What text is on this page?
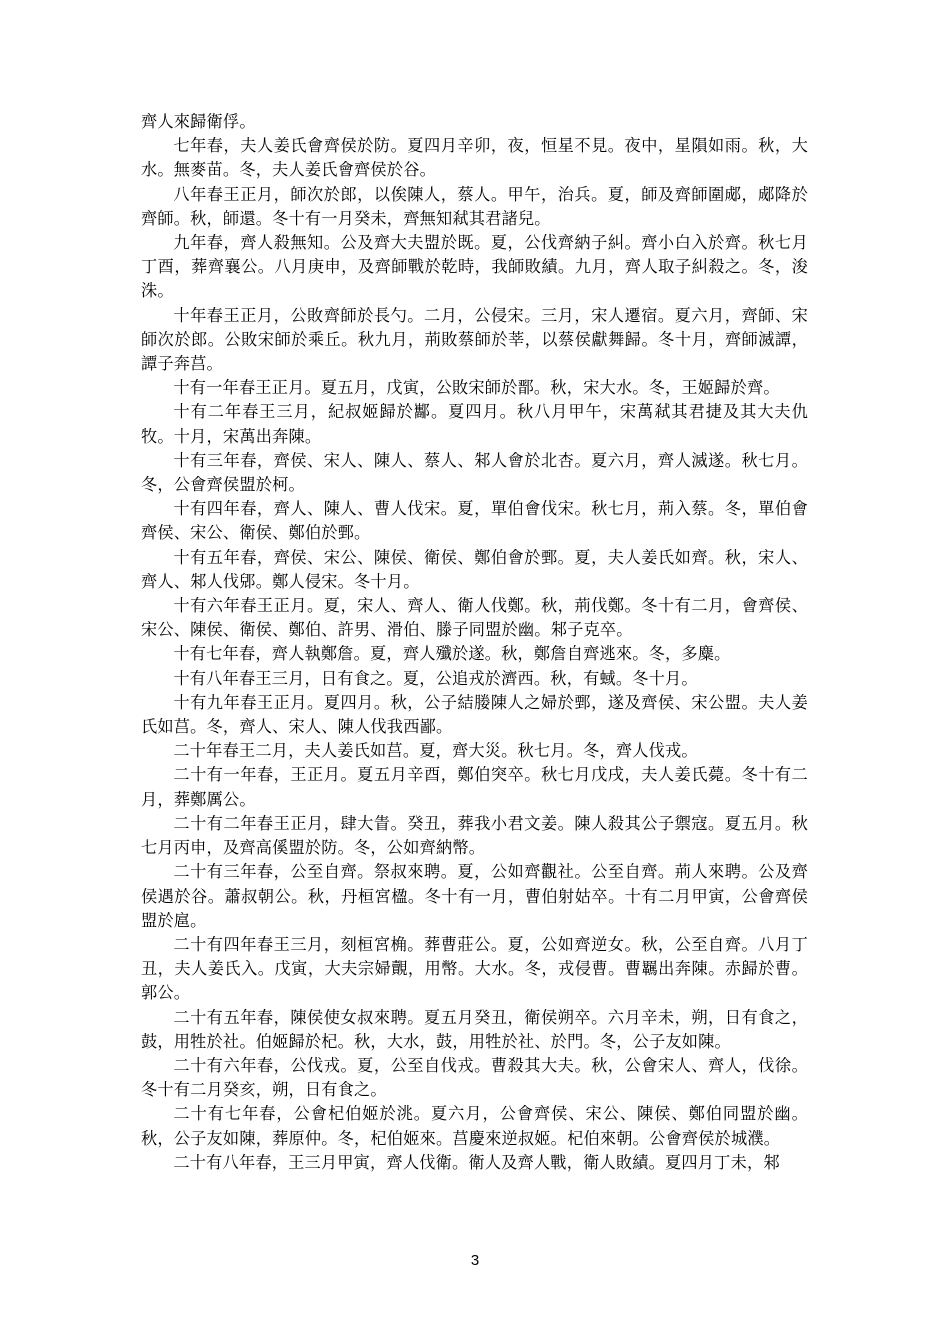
齊人來歸衛俘。

七年春，夫人姜氏會齊侯於防。夏四月辛卯，夜，恒星不見。夜中，星隕如雨。秋，大水。無麥苗。冬，夫人姜氏會齊侯於谷。

八年春王正月，師次於郎，以俟陳人，蔡人。甲午，治兵。夏，師及齊師圍郕，郕降於齊師。秋，師還。冬十有一月癸未，齊無知弒其君諸兒。

九年春，齊人殺無知。公及齊大夫盟於既。夏，公伐齊納子糾。齊小白入於齊。秋七月丁酉，葬齊襄公。八月庚申，及齊師戰於乾時，我師敗績。九月，齊人取子糾殺之。冬，浚洙。

十年春王正月，公敗齊師於長勺。二月，公侵宋。三月，宋人遷宿。夏六月，齊師、宋師次於郎。公敗宋師於乘丘。秋九月，荊敗蔡師於莘，以蔡侯獻舞歸。冬十月，齊師滅譚，譚子奔莒。

十有一年春王正月。夏五月，戊寅，公敗宋師於鄑。秋，宋大水。冬，王姬歸於齊。

十有二年春王三月，紀叔姬歸於酅。夏四月。秋八月甲午，宋萬弒其君捷及其大夫仇牧。十月，宋萬出奔陳。

十有三年春，齊侯、宋人、陳人、蔡人、邾人會於北杏。夏六月，齊人滅遂。秋七月。冬，公會齊侯盟於柯。

十有四年春，齊人、陳人、曹人伐宋。夏，單伯會伐宋。秋七月，荊入蔡。冬，單伯會齊侯、宋公、衛侯、鄭伯於鄄。

十有五年春，齊侯、宋公、陳侯、衛侯、鄭伯會於鄄。夏，夫人姜氏如齊。秋，宋人、齊人、邾人伐郳。鄭人侵宋。冬十月。

十有六年春王正月。夏，宋人、齊人、衛人伐鄭。秋，荊伐鄭。冬十有二月，會齊侯、宋公、陳侯、衛侯、鄭伯、許男、滑伯、滕子同盟於幽。邾子克卒。

十有七年春，齊人執鄭詹。夏，齊人殲於遂。秋，鄭詹自齊逃來。冬，多麋。

十有八年春王三月，日有食之。夏，公追戎於濟西。秋，有蜮。冬十月。

十有九年春王正月。夏四月。秋，公子結媵陳人之婦於鄄，遂及齊侯、宋公盟。夫人姜氏如莒。冬，齊人、宋人、陳人伐我西鄙。

二十年春王二月，夫人姜氏如莒。夏，齊大災。秋七月。冬，齊人伐戎。

二十有一年春，王正月。夏五月辛酉，鄭伯突卒。秋七月戊戌，夫人姜氏薨。冬十有二月，葬鄭厲公。

二十有二年春王正月，肆大眚。癸丑，葬我小君文姜。陳人殺其公子禦寇。夏五月。秋七月丙申，及齊高傒盟於防。冬，公如齊納幣。

二十有三年春，公至自齊。祭叔來聘。夏，公如齊觀社。公至自齊。荊人來聘。公及齊侯遇於谷。蕭叔朝公。秋，丹桓宮楹。冬十有一月，曹伯射姑卒。十有二月甲寅，公會齊侯盟於扈。

二十有四年春王三月，刻桓宮桷。葬曹莊公。夏，公如齊逆女。秋，公至自齊。八月丁丑，夫人姜氏入。戊寅，大夫宗婦覿，用幣。大水。冬，戎侵曹。曹羈出奔陳。赤歸於曹。郭公。

二十有五年春，陳侯使女叔來聘。夏五月癸丑，衛侯朔卒。六月辛未，朔，日有食之，鼓，用牲於社。伯姬歸於杞。秋，大水，鼓，用牲於社、於門。冬，公子友如陳。

二十有六年春，公伐戎。夏，公至自伐戎。曹殺其大夫。秋，公會宋人、齊人，伐徐。冬十有二月癸亥，朔，日有食之。

二十有七年春，公會杞伯姬於洮。夏六月，公會齊侯、宋公、陳侯、鄭伯同盟於幽。秋，公子友如陳，葬原仲。冬，杞伯姬來。莒慶來逆叔姬。杞伯來朝。公會齊侯於城濮。

二十有八年春，王三月甲寅，齊人伐衛。衛人及齊人戰，衛人敗績。夏四月丁未，邾

3
